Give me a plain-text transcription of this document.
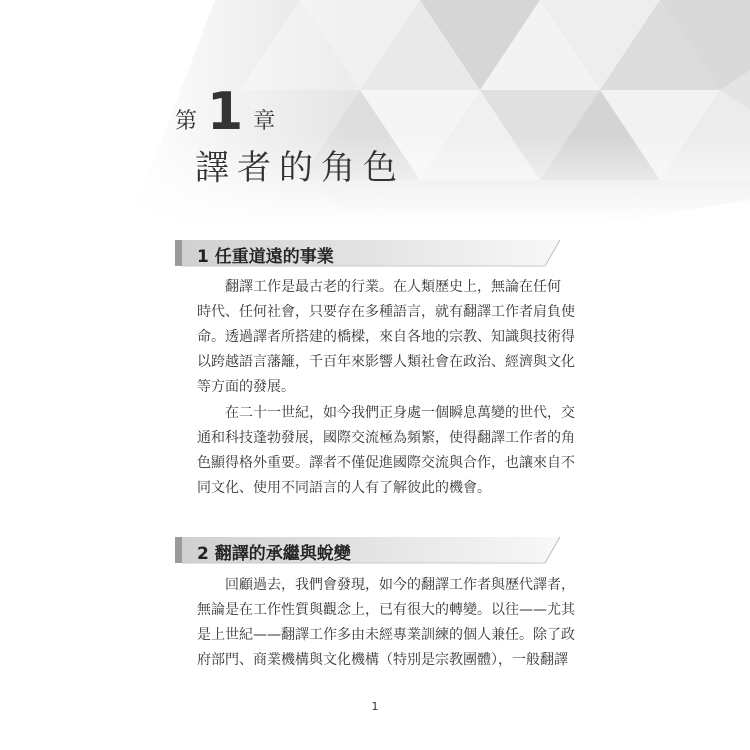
第 1 章
譯者的角色
1 任重道遠的事業

翻譯工作是最古老的行業。在人類歷史上，無論在任何
時代、任何社會，只要存在多種語言，就有翻譯工作者肩負使
命。透過譯者所搭建的橋樑，來自各地的宗教、知識與技術得
以跨越語言藩籬，千百年來影響人類社會在政治、經濟與文化
等方面的發展。

在二十一世紀，如今我們正身處一個瞬息萬變的世代，交
通和科技蓬勃發展，國際交流極為頻繁，使得翻譯工作者的角
色顯得格外重要。譯者不僅促進國際交流與合作，也讓來自不
同文化、使用不同語言的人有了解彼此的機會。

2 翻譯的承繼與蛻變

回顧過去，我們會發現，如今的翻譯工作者與歷代譯者，
無論是在工作性質與觀念上，已有很大的轉變。以往——尤其
是上世紀——翻譯工作多由未經專業訓練的個人兼任。除了政
府部門、商業機構與文化機構（特別是宗教團體），一般翻譯

1
